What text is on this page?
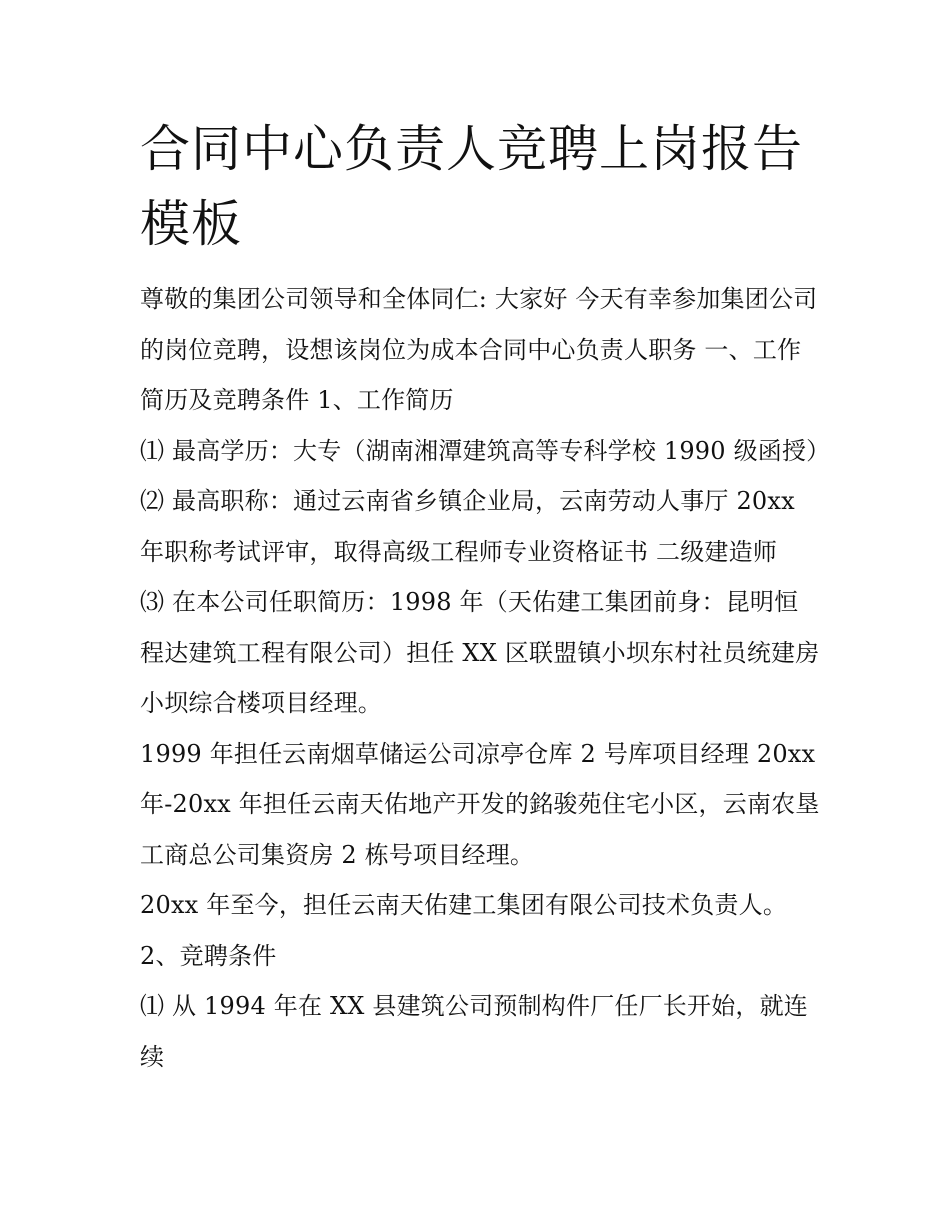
合同中心负责人竞聘上岗报告模板

尊敬的集团公司领导和全体同仁: 大家好 今天有幸参加集团公司的岗位竞聘，设想该岗位为成本合同中心负责人职务 一、工作简历及竞聘条件 1、工作简历

⑴ 最高学历：大专（湖南湘潭建筑高等专科学校 1990 级函授）

⑵ 最高职称：通过云南省乡镇企业局，云南劳动人事厅 20xx 年职称考试评审，取得高级工程师专业资格证书 二级建造师

⑶ 在本公司任职简历：1998 年（天佑建工集团前身：昆明恒程达建筑工程有限公司）担任 XX 区联盟镇小坝东村社员统建房小坝综合楼项目经理。

1999 年担任云南烟草储运公司凉亭仓库 2 号库项目经理 20xx 年-20xx 年担任云南天佑地产开发的銘骏苑住宅小区，云南农垦工商总公司集资房 2 栋号项目经理。

20xx 年至今，担任云南天佑建工集团有限公司技术负责人。

2、竞聘条件

⑴ 从 1994 年在 XX 县建筑公司预制构件厂任厂长开始，就连续
